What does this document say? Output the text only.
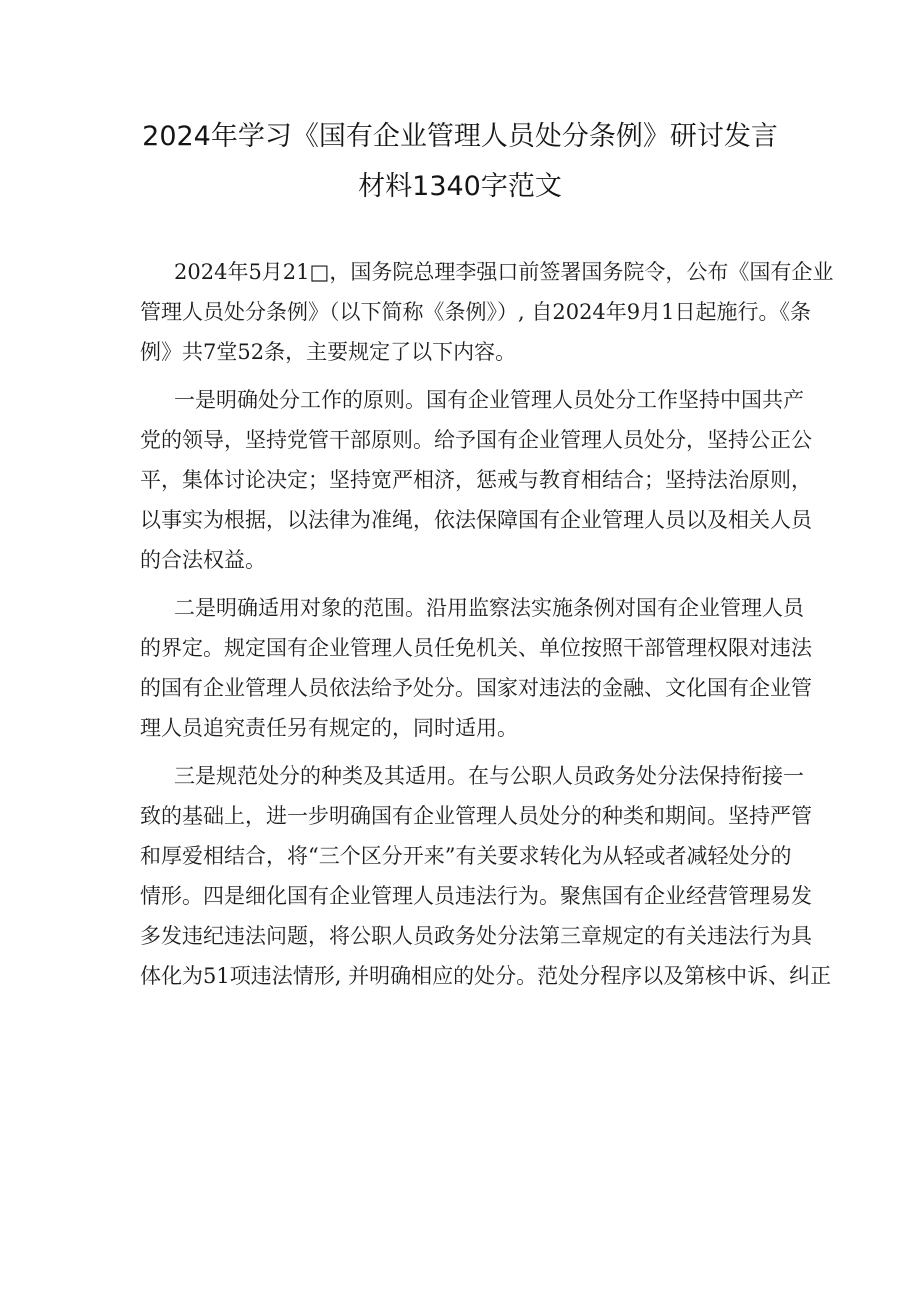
2024年学习《国有企业管理人员处分条例》研讨发言
材料1340字范文

2024年5月21□，国务院总理李强口前签署国务院令，公布《国有企业
管理人员处分条例》（以下简称《条例》）, 自2024年9月1日起施行。《条
例》共7堂52条，主要规定了以下内容。

一是明确处分工作的原则。国有企业管理人员处分工作坚持中国共产
党的领导，坚持党管干部原则。给予国有企业管理人员处分，坚持公正公
平，集体讨论决定；坚持宽严相济，惩戒与教育相结合；坚持法治原则，
以事实为根据，以法律为准绳，依法保障国有企业管理人员以及相关人员
的合法权益。

二是明确适用对象的范围。沿用监察法实施条例对国有企业管理人员
的界定。规定国有企业管理人员任免机关、单位按照干部管理权限对违法
的国有企业管理人员依法给予处分。国家对违法的金融、文化国有企业管
理人员追究责任另有规定的，同时适用。

三是规范处分的种类及其适用。在与公职人员政务处分法保持衔接一
致的基础上，进一步明确国有企业管理人员处分的种类和期间。坚持严管
和厚爱相结合，将“三个区分开来”有关要求转化为从轻或者减轻处分的
情形。四是细化国有企业管理人员违法行为。聚焦国有企业经营管理易发
多发违纪违法问题，将公职人员政务处分法第三章规定的有关违法行为具
体化为51项违法情形, 并明确相应的处分。范处分程序以及第核中诉、纠正
